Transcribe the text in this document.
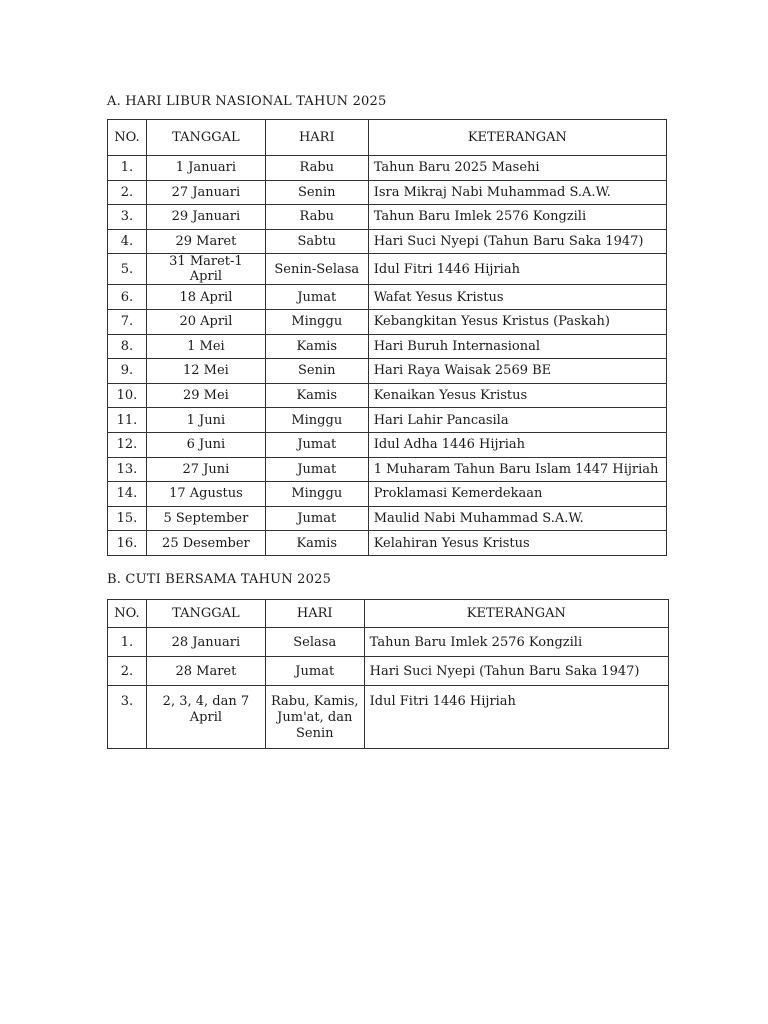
A. HARI LIBUR NASIONAL TAHUN 2025
NO.	TANGGAL	HARI	KETERANGAN
1.	1 Januari	Rabu	Tahun Baru 2025 Masehi
2.	27 Januari	Senin	Isra Mikraj Nabi Muhammad S.A.W.
3.	29 Januari	Rabu	Tahun Baru Imlek 2576 Kongzili
4.	29 Maret	Sabtu	Hari Suci Nyepi (Tahun Baru Saka 1947)
5.	31 Maret-1 April	Senin-Selasa	Idul Fitri 1446 Hijriah
6.	18 April	Jumat	Wafat Yesus Kristus
7.	20 April	Minggu	Kebangkitan Yesus Kristus (Paskah)
8.	1 Mei	Kamis	Hari Buruh Internasional
9.	12 Mei	Senin	Hari Raya Waisak 2569 BE
10.	29 Mei	Kamis	Kenaikan Yesus Kristus
11.	1 Juni	Minggu	Hari Lahir Pancasila
12.	6 Juni	Jumat	Idul Adha 1446 Hijriah
13.	27 Juni	Jumat	1 Muharam Tahun Baru Islam 1447 Hijriah
14.	17 Agustus	Minggu	Proklamasi Kemerdekaan
15.	5 September	Jumat	Maulid Nabi Muhammad S.A.W.
16.	25 Desember	Kamis	Kelahiran Yesus Kristus
B. CUTI BERSAMA TAHUN 2025
NO.	TANGGAL	HARI	KETERANGAN
1.	28 Januari	Selasa	Tahun Baru Imlek 2576 Kongzili
2.	28 Maret	Jumat	Hari Suci Nyepi (Tahun Baru Saka 1947)
3.	2, 3, 4, dan 7
April	Rabu, Kamis,
Jum'at, dan
Senin	Idul Fitri 1446 Hijriah
